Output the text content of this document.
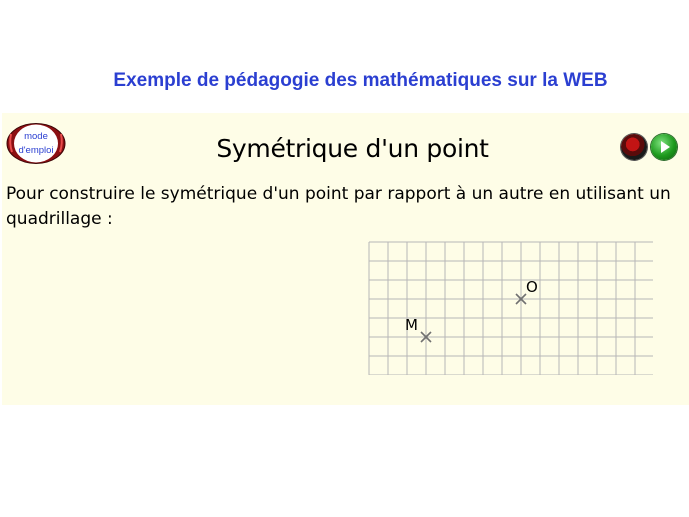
Exemple de pédagogie des mathématiques sur la WEB
mode
d'emploi	Symétrique d'un point
Pour construire le symétrique d'un point par rapport à un autre en utilisant un quadrillage :
O
M
